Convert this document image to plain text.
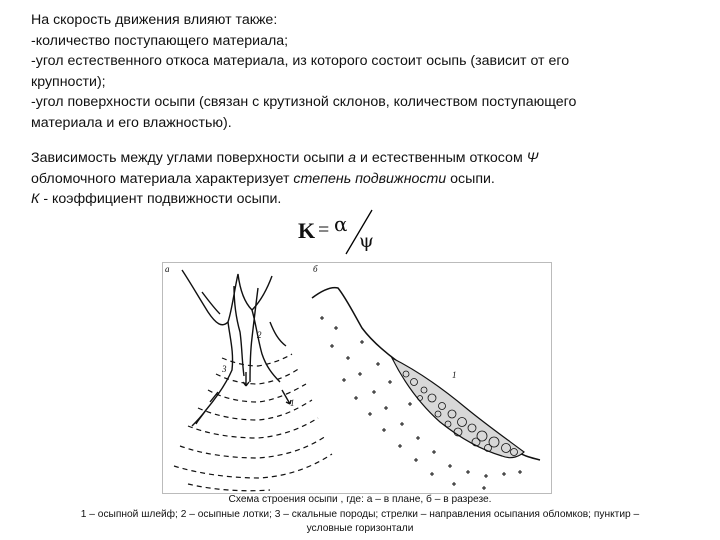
На скорость движения влияют также:
-количество поступающего материала;
-угол естественного откоса материала, из которого состоит осыпь (зависит от его
крупности);
-угол поверхности осыпи (связан с крутизной склонов, количеством поступающего
материала и его влажностью).
Зависимость между углами поверхности осыпи а и естественным откосом Ψ
обломочного материала характеризует степень подвижности осыпи.
К - коэффициент подвижности осыпи.
K = α
ψ
а
2
3
1
б
1
Схема строения осыпи , где: а – в плане, б – в разрезе.
1 – осыпной шлейф; 2 – осыпные лотки; 3 – скальные породы; стрелки – направления осыпания обломков; пунктир –
условные горизонтали
